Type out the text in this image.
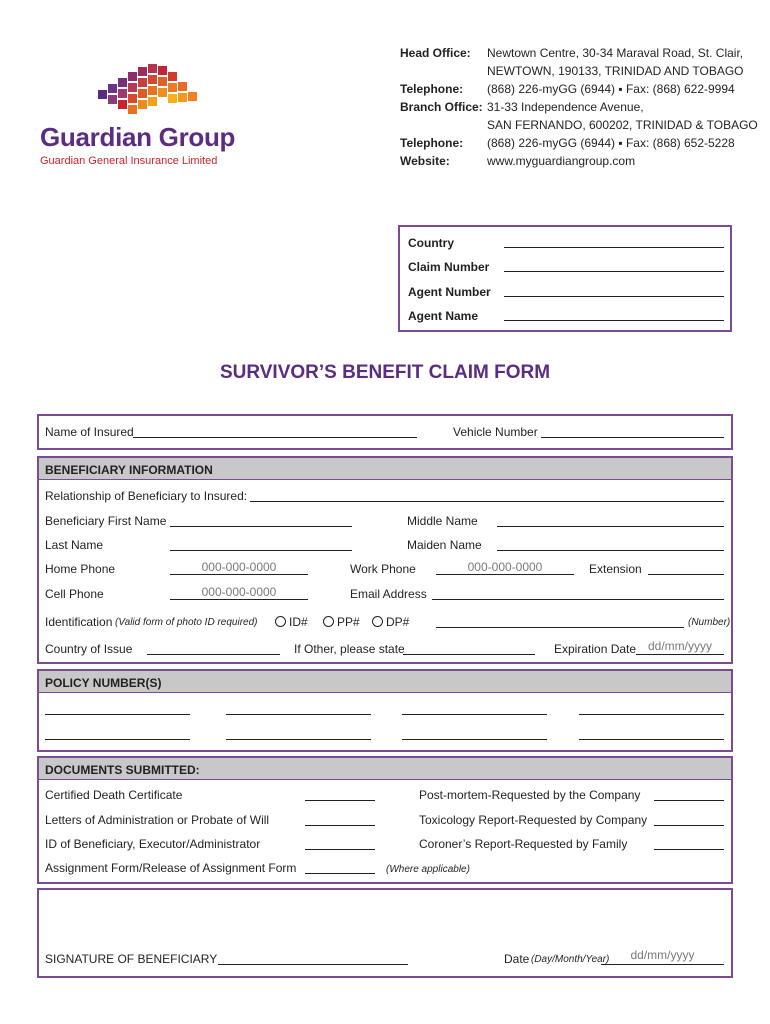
Guardian Group
Guardian General Insurance Limited
Head Office: Newtown Centre, 30-34 Maraval Road, St. Clair,
NEWTOWN, 190133, TRINIDAD AND TOBAGO
Telephone: (868) 226-myGG (6944) ▪ Fax: (868) 622-9994
Branch Office: 31-33 Independence Avenue,
SAN FERNANDO, 600202, TRINIDAD & TOBAGO
Telephone: (868) 226-myGG (6944) ▪ Fax: (868) 652-5228
Website:	www.myguardiangroup.com
Country
Claim Number
Agent Number
Agent Name
SURVIVOR’S BENEFIT CLAIM FORM
Name of Insured	Vehicle Number
BENEFICIARY INFORMATION
Relationship of Beneficiary to Insured:
Beneficiary First Name	Middle Name
Last Name	Maiden Name
Home Phone	000-000-0000	Work Phone	000-000-0000	Extension
Cell Phone	000-000-0000	Email Address
Identification (Valid form of photo ID required)	ID# PP# DP#	(Number)
Country of Issue	If Other, please state	Expiration Date dd/mm/yyyy
POLICY NUMBER(S)
DOCUMENTS SUBMITTED:
Certified Death Certificate	Post-mortem-Requested by the Company
Letters of Administration or Probate of Will	Toxicology Report-Requested by Company
ID of Beneficiary, Executor/Administrator	Coroner’s Report-Requested by Family
Assignment Form/Release of Assignment Form	(Where applicable)
SIGNATURE OF BENEFICIARY	Date (Day/Month/Year)	dd/mm/yyyy
